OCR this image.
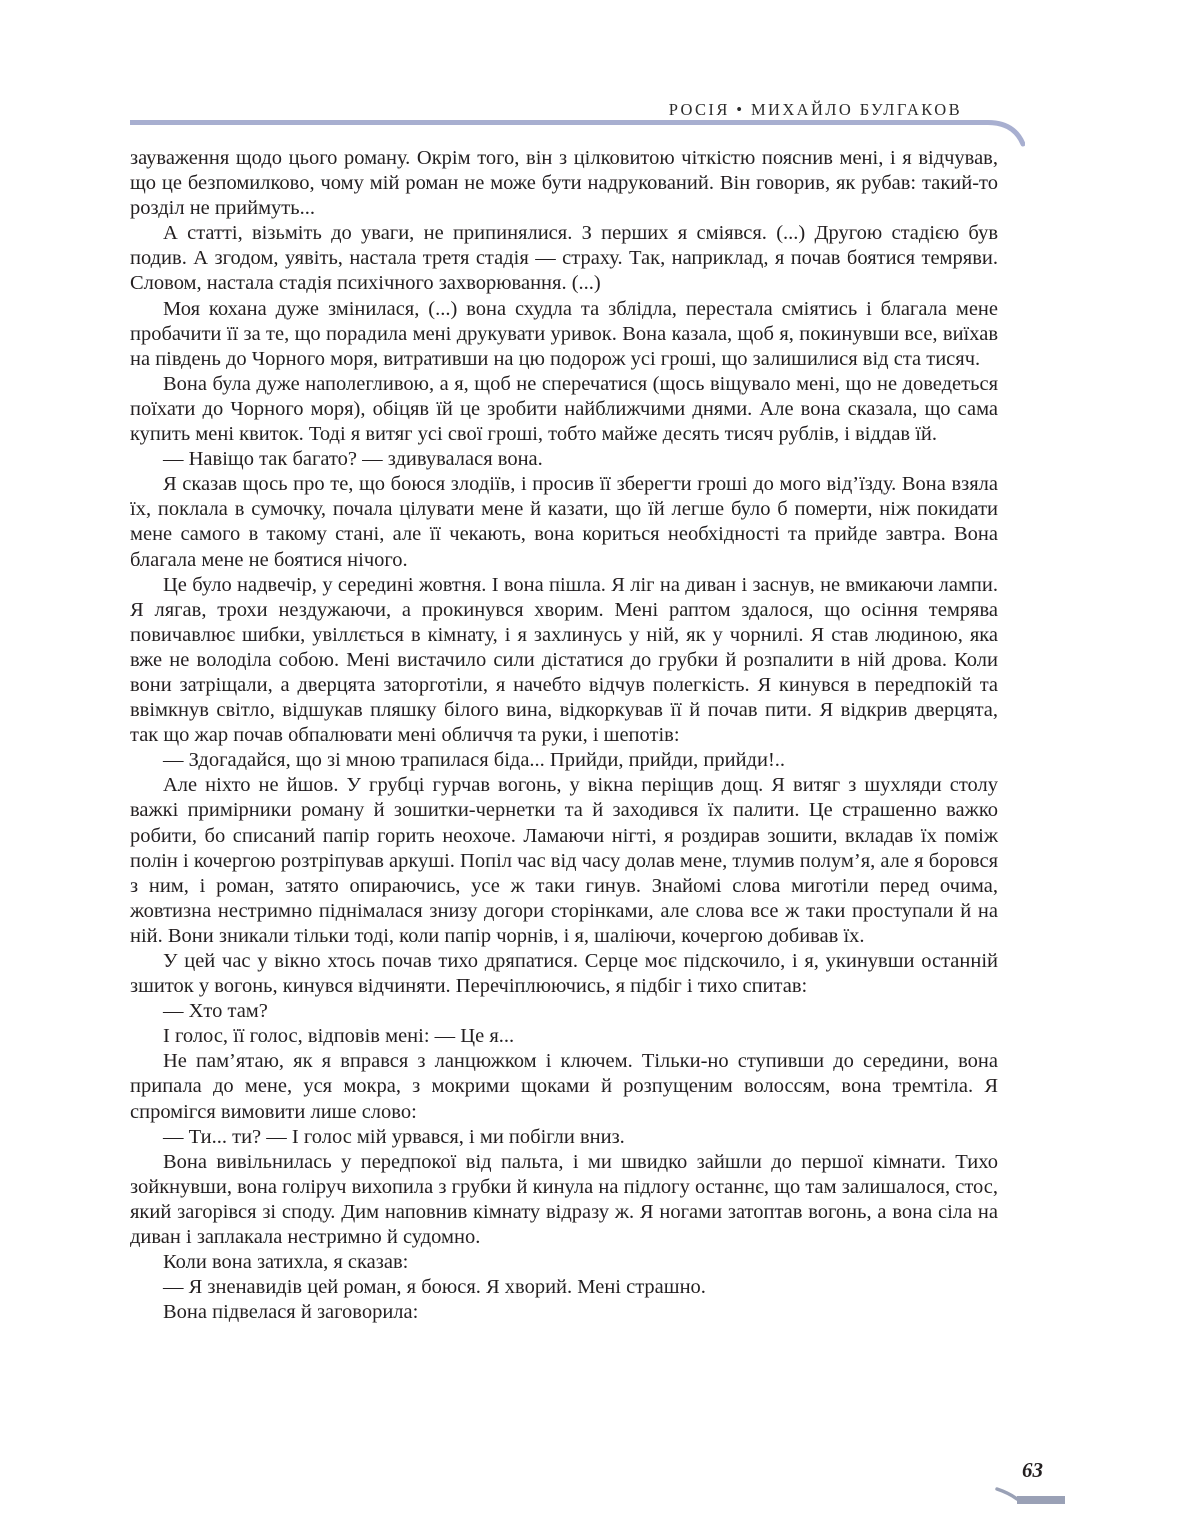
РОСІЯ • МИХАЙЛО БУЛГАКОВ

зауваження щодо цього роману. Окрім того, він з цілковитою чіткістю пояснив мені, і я відчував, що це безпомилково, чому мій роман не може бути надрукований. Він говорив, як рубав: такий-то розділ не приймуть...

А статті, візьміть до уваги, не припинялися. З перших я сміявся. (...) Другою стадією був подив. А згодом, уявіть, настала третя стадія — страху. Так, наприклад, я почав боятися темряви. Словом, настала стадія психічного захворювання. (...)

Моя кохана дуже змінилася, (...) вона схудла та зблідла, перестала сміятись і благала мене пробачити її за те, що порадила мені друкувати уривок. Вона казала, щоб я, покинувши все, виїхав на південь до Чорного моря, витративши на цю подорож усі гроші, що залишилися від ста тисяч.

Вона була дуже наполегливою, а я, щоб не сперечатися (щось віщувало мені, що не доведеться поїхати до Чорного моря), обіцяв їй це зробити найближчими днями. Але вона сказала, що сама купить мені квиток. Тоді я витяг усі свої гроші, тобто майже десять тисяч рублів, і віддав їй.

— Навіщо так багато? — здивувалася вона.

Я сказав щось про те, що боюся злодіїв, і просив її зберегти гроші до мого від’їзду. Вона взяла їх, поклала в сумочку, почала цілувати мене й казати, що їй легше було б померти, ніж покидати мене самого в такому стані, але її чекають, вона кориться необхідності та прийде завтра. Вона благала мене не боятися нічого.

Це було надвечір, у середині жовтня. І вона пішла. Я ліг на диван і заснув, не вмикаючи лампи. Я лягав, трохи нездужаючи, а прокинувся хворим. Мені раптом здалося, що осіння темрява повичавлює шибки, увіллється в кімнату, і я захлинусь у ній, як у чорнилі. Я став людиною, яка вже не володіла собою. Мені вистачило сили дістатися до грубки й розпалити в ній дрова. Коли вони затріщали, а дверцята заторготіли, я начебто відчув полегкість. Я кинувся в передпокій та ввімкнув світло, відшукав пляшку білого вина, відкоркував її й почав пити. Я відкрив дверцята, так що жар почав обпалювати мені обличчя та руки, і шепотів:

— Здогадайся, що зі мною трапилася біда... Прийди, прийди, прийди!..

Але ніхто не йшов. У грубці гурчав вогонь, у вікна періщив дощ. Я витяг з шухляди столу важкі примірники роману й зошитки-чернетки та й заходився їх палити. Це страшенно важко робити, бо списаний папір горить неохоче. Ламаючи нігті, я роздирав зошити, вкладав їх поміж полін і кочергою розтріпував аркуші. Попіл час від часу долав мене, тлумив полум’я, але я боровся з ним, і роман, затято опираючись, усе ж таки гинув. Знайомі слова миготіли перед очима, жовтизна нестримно піднімалася знизу догори сторінками, але слова все ж таки проступали й на ній. Вони зникали тільки тоді, коли папір чорнів, і я, шаліючи, кочергою добивав їх.

У цей час у вікно хтось почав тихо дряпатися. Серце моє підскочило, і я, укинувши останній зшиток у вогонь, кинувся відчиняти. Перечіплюючись, я підбіг і тихо спитав:

— Хто там?

І голос, її голос, відповів мені: — Це я...

Не пам’ятаю, як я вправся з ланцюжком і ключем. Тільки-но ступивши до середини, вона припала до мене, уся мокра, з мокрими щоками й розпущеним волоссям, вона тремтіла. Я спромігся вимовити лише слово:

— Ти... ти? — І голос мій урвався, і ми побігли вниз.

Вона вивільнилась у передпокої від пальта, і ми швидко зайшли до першої кімнати. Тихо зойкнувши, вона голіруч вихопила з грубки й кинула на підлогу останнє, що там залишалося, стос, який загорівся зі споду. Дим наповнив кімнату відразу ж. Я ногами затоптав вогонь, а вона сіла на диван і заплакала нестримно й судомно.

Коли вона затихла, я сказав:

— Я зненавидів цей роман, я боюся. Я хворий. Мені страшно.

Вона підвелася й заговорила:

63
